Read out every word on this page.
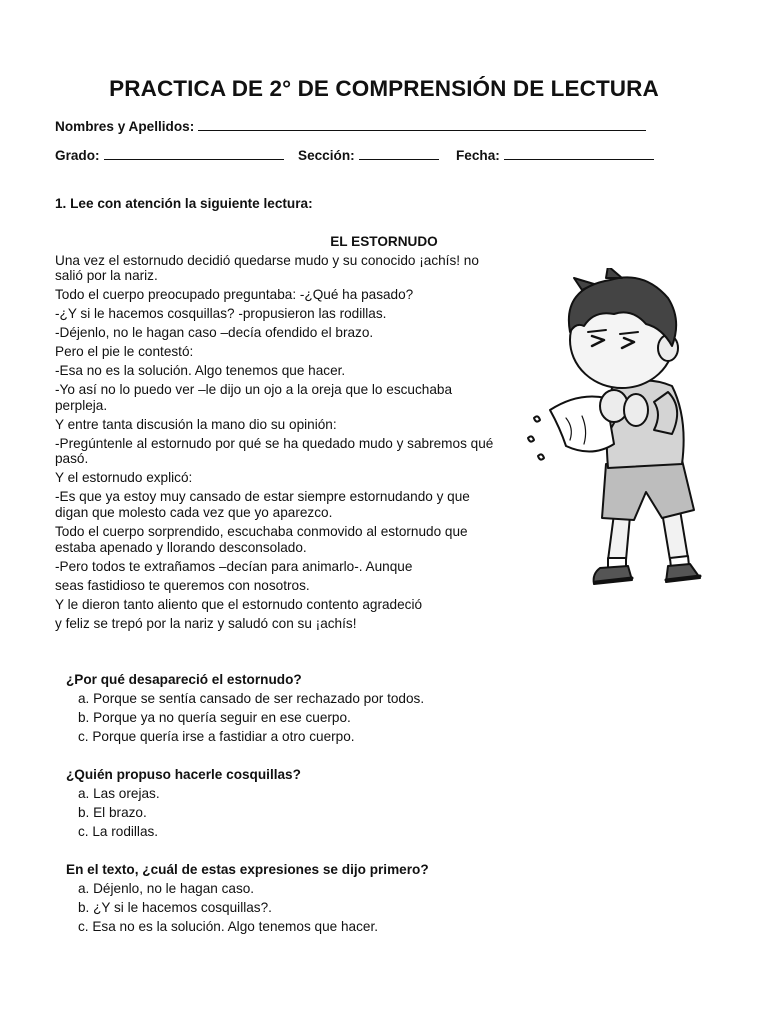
PRACTICA DE 2° DE COMPRENSIÓN DE LECTURA
Nombres y Apellidos:
Grado:	Sección:	Fecha:
1. Lee con atención la siguiente lectura:
EL ESTORNUDO
Una vez el estornudo decidió quedarse mudo y su conocido ¡achís! no
salió por la nariz.
Todo el cuerpo preocupado preguntaba: -¿Qué ha pasado?
-¿Y si le hacemos cosquillas? -propusieron las rodillas.
-Déjenlo, no le hagan caso –decía ofendido el brazo.
Pero el pie le contestó:
-Esa no es la solución. Algo tenemos que hacer.
-Yo así no lo puedo ver –le dijo un ojo a la oreja que lo escuchaba
perpleja.
Y entre tanta discusión la mano dio su opinión:
-Pregúntenle al estornudo por qué se ha quedado mudo y sabremos qué
pasó.
Y el estornudo explicó:
-Es que ya estoy muy cansado de estar siempre estornudando y que
digan que molesto cada vez que yo aparezco.
Todo el cuerpo sorprendido, escuchaba conmovido al estornudo que
estaba apenado y llorando desconsolado.
-Pero todos te extrañamos –decían para animarlo-. Aunque
seas fastidioso te queremos con nosotros.
Y le dieron tanto aliento que el estornudo contento agradeció
y feliz se trepó por la nariz y saludó con su ¡achís!
¿Por qué desapareció el estornudo?
a. Porque se sentía cansado de ser rechazado por todos.
b. Porque ya no quería seguir en ese cuerpo.
c. Porque quería irse a fastidiar a otro cuerpo.
¿Quién propuso hacerle cosquillas?
a. Las orejas.
b. El brazo.
c. La rodillas.
En el texto, ¿cuál de estas expresiones se dijo primero?
a. Déjenlo, no le hagan caso.
b. ¿Y si le hacemos cosquillas?.
c. Esa no es la solución. Algo tenemos que hacer.
